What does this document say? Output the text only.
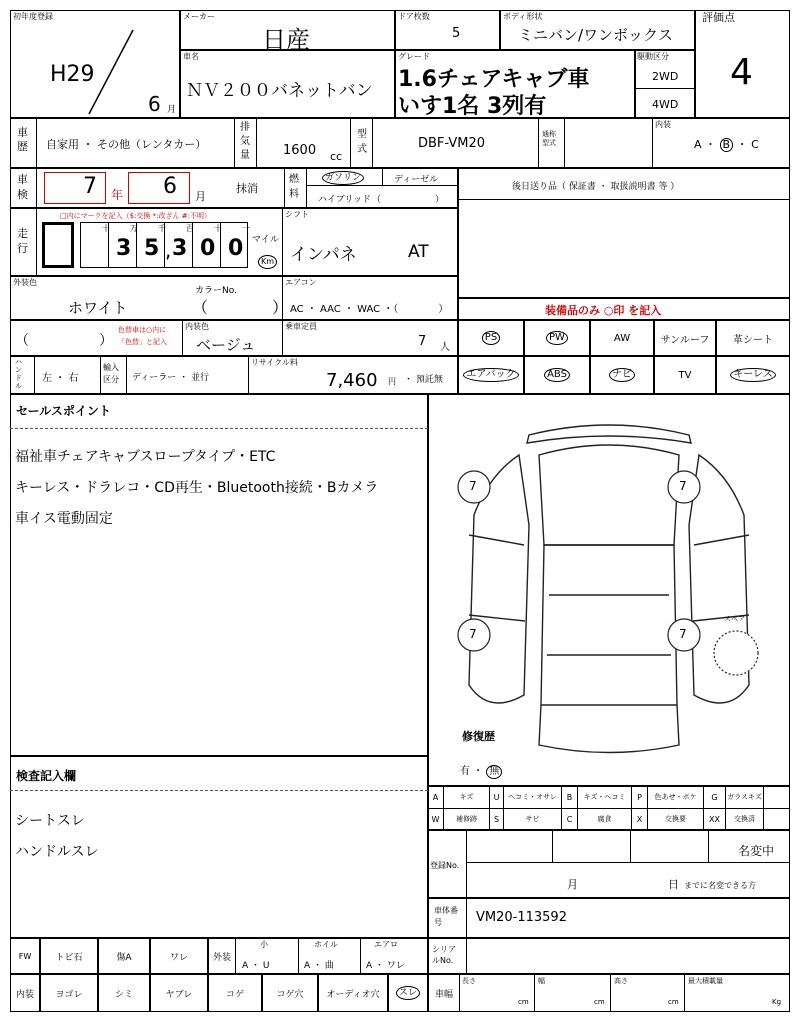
初年度登録
H29
6 月
メーカー
日産
ドア枚数
5
ボディ形状
ミニバン/ワンボックス
評価点
4
車名
ＮＶ２００バネットバン
グレード
1.6チェアキャブ車
いす1名 3列有
駆動区分
2WD
4WD
車歴 自家用 ・ その他（レンタカー）
排気量	1600 cc
型式	DBF-VM20
通称型式
内装
A ・ B ・ C
車検	7 年 6 月
抹消
燃料
ガソリン	ディーゼル
ハイブリッド （　　　　　　）
後日送り品（ 保証書 ・ 取扱説明書 等 ）
走行
□内にマークを記入（$:交換 *:改ざん #:不明）
十	万	千	百	十	一
3 5 , 3 0 0 マイル
Km
シフト
インパネ	AT
外装色
ホワイト
カラーNo.
（　　　　）
エアコン
AC ・ AAC ・ WAC ・（　　　　）	装備品のみ ○印 を記入
（　　　　　）
色替車は○内に「色替」と記入
内装色
ベージュ
乗車定員
7 人
PS	PW	AW	サンルーフ	革シート
エアバック	ABS	ナビ	TV	キーレス
ハンドル
左 ・ 右
輸入区分	ディーラー ・ 並行
リサイクル料
7,460 円 ・ 預託無
セールスポイント
福祉車チェアキャブスロープタイプ・ETC
キーレス・ドラレコ・CD再生・Bluetooth接続・Bカメラ
車イス電動固定
検査記入欄
シートスレ
ハンドルスレ
7	7
7	7
スペア
修復歴
有 ・ 無
A	キズ	U	ヘコミ・オサレ	B	キズ・ヘコミ	P	色あせ・ボケ	G	ガラスキズ
W	補修跡	S	サビ	C	腐食	X	交換要	XX	交換済
登録No.
名変中
月	日 までに名変できる方
車体番号	VM20-113592
FW	トビ石	傷A	ワレ	外装
小	ホイル	エアロ
A ・ U	A ・ 曲	A ・ ワレ
シリアルNo.
内装	ヨゴレ	シミ	ヤブレ	コゲ	コゲ穴	オーディオ穴	スレ	車幅
長さ	幅	高さ	最大積載量
cm	cm	cm	Kg
